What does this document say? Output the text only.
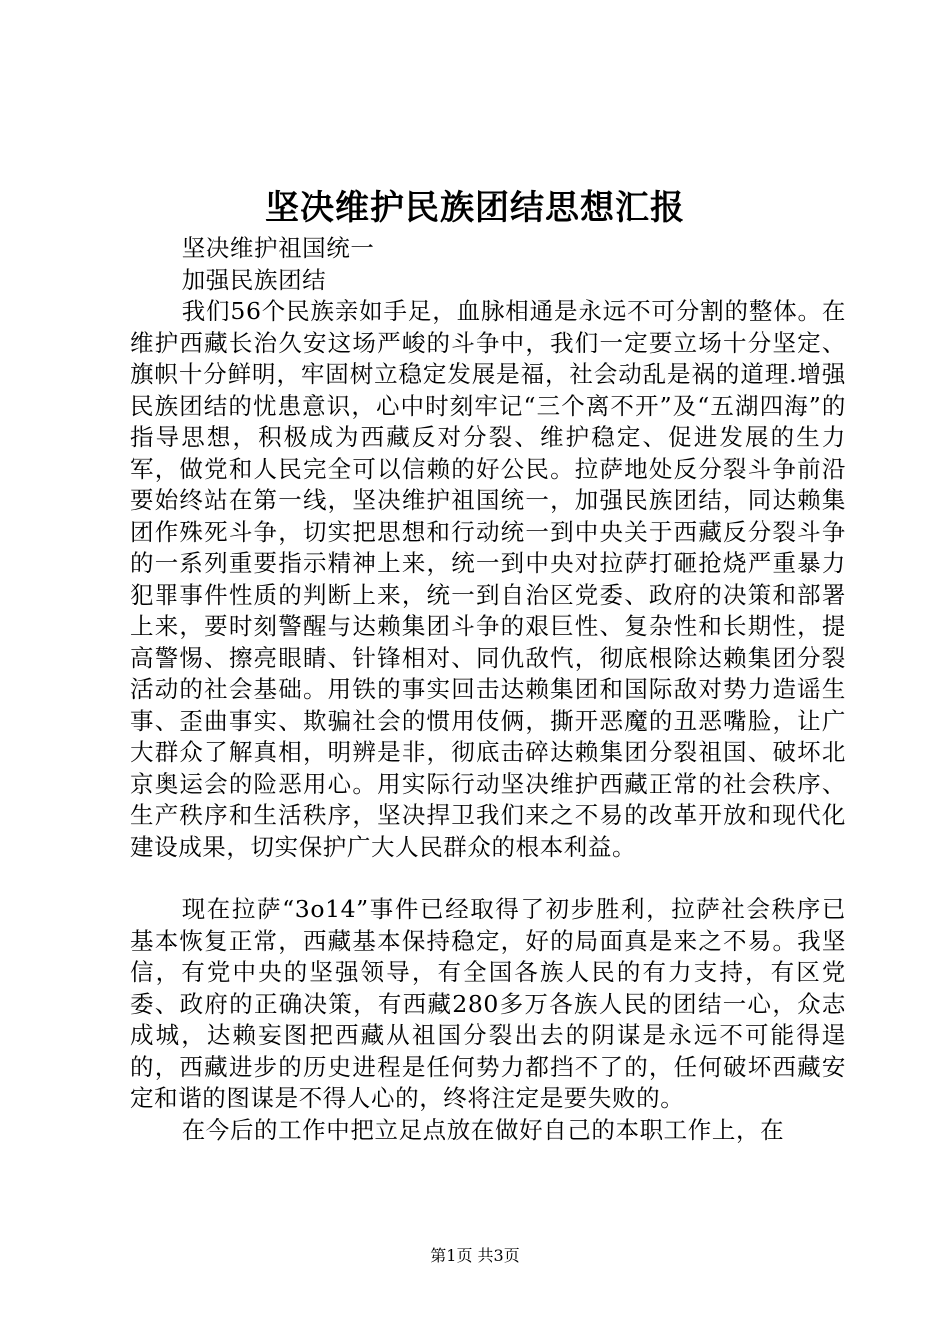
坚决维护民族团结思想汇报

坚决维护祖国统一

加强民族团结

我们56个民族亲如手足，血脉相通是永远不可分割的整体。在维护西藏长治久安这场严峻的斗争中，我们一定要立场十分坚定、旗帜十分鲜明，牢固树立稳定发展是福，社会动乱是祸的道理.增强民族团结的忧患意识，心中时刻牢记“三个离不开”及“五湖四海”的指导思想，积极成为西藏反对分裂、维护稳定、促进发展的生力军，做党和人民完全可以信赖的好公民。拉萨地处反分裂斗争前沿要始终站在第一线，坚决维护祖国统一，加强民族团结，同达赖集团作殊死斗争，切实把思想和行动统一到中央关于西藏反分裂斗争的一系列重要指示精神上来，统一到中央对拉萨打砸抢烧严重暴力犯罪事件性质的判断上来，统一到自治区党委、政府的决策和部署上来，要时刻警醒与达赖集团斗争的艰巨性、复杂性和长期性，提高警惕、擦亮眼睛、针锋相对、同仇敌忾，彻底根除达赖集团分裂活动的社会基础。用铁的事实回击达赖集团和国际敌对势力造谣生事、歪曲事实、欺骗社会的惯用伎俩，撕开恶魔的丑恶嘴脸，让广大群众了解真相，明辨是非，彻底击碎达赖集团分裂祖国、破坏北京奥运会的险恶用心。用实际行动坚决维护西藏正常的社会秩序、生产秩序和生活秩序，坚决捍卫我们来之不易的改革开放和现代化建设成果，切实保护广大人民群众的根本利益。

现在拉萨“3o14”事件已经取得了初步胜利，拉萨社会秩序已基本恢复正常，西藏基本保持稳定，好的局面真是来之不易。我坚信，有党中央的坚强领导，有全国各族人民的有力支持，有区党委、政府的正确决策，有西藏280多万各族人民的团结一心，众志成城，达赖妄图把西藏从祖国分裂出去的阴谋是永远不可能得逞的，西藏进步的历史进程是任何势力都挡不了的，任何破坏西藏安定和谐的图谋是不得人心的，终将注定是要失败的。

在今后的工作中把立足点放在做好自己的本职工作上，在

第1页 共3页
